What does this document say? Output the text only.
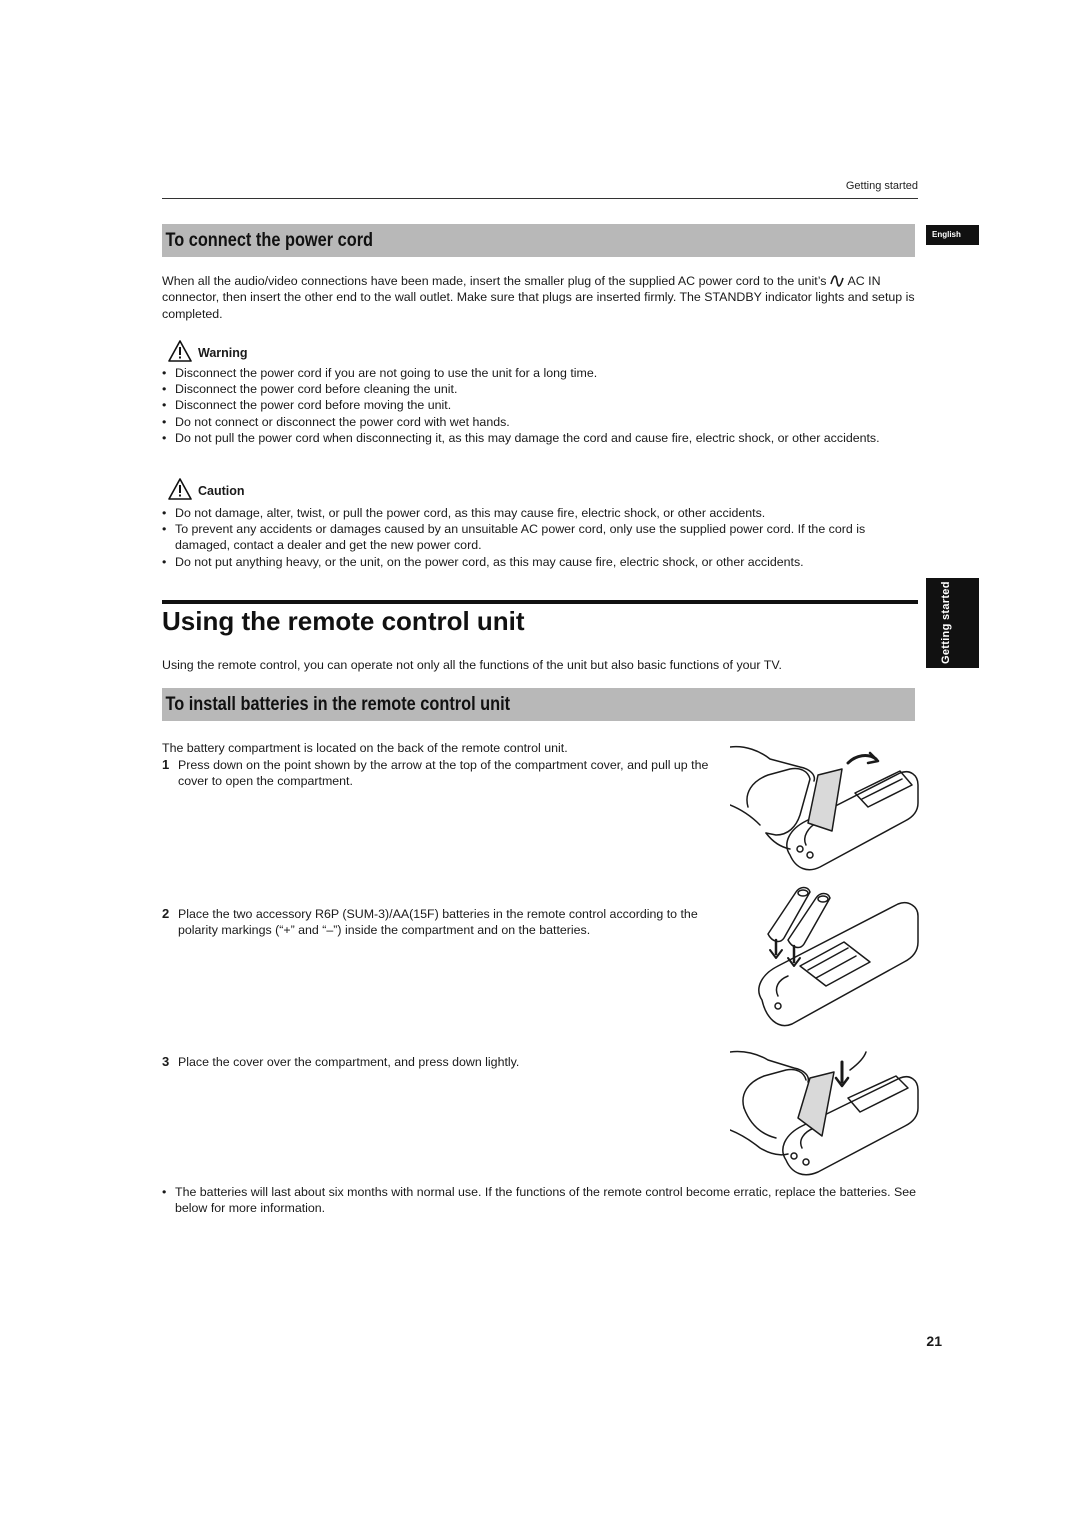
Getting started
English
Getting started
To connect the power cord

When all the audio/video connections have been made, insert the smaller plug of the supplied AC power cord to the unit’s AC IN connector, then insert the other end to the wall outlet. Make sure that plugs are inserted firmly. The STANDBY indicator lights and setup is completed.

Warning
• Disconnect the power cord if you are not going to use the unit for a long time.
• Disconnect the power cord before cleaning the unit.
• Disconnect the power cord before moving the unit.
• Do not connect or disconnect the power cord with wet hands.
• Do not pull the power cord when disconnecting it, as this may damage the cord and cause fire, electric shock, or other accidents.
Caution
• Do not damage, alter, twist, or pull the power cord, as this may cause fire, electric shock, or other accidents.
• To prevent any accidents or damages caused by an unsuitable AC power cord, only use the supplied power cord. If the cord is damaged, contact a dealer and get the new power cord.
• Do not put anything heavy, or the unit, on the power cord, as this may cause fire, electric shock, or other accidents.
Using the remote control unit

Using the remote control, you can operate not only all the functions of the unit but also basic functions of your TV.

To install batteries in the remote control unit

The battery compartment is located on the back of the remote control unit.

1 Press down on the point shown by the arrow at the top of the compartment cover, and pull up the cover to open the compartment.
2 Place the two accessory R6P (SUM-3)/AA(15F) batteries in the remote control according to the polarity markings (“+” and “–”) inside the compartment and on the batteries.
3 Place the cover over the compartment, and press down lightly.
• The batteries will last about six months with normal use. If the functions of the remote control become erratic, replace the batteries. See below for more information.
21
